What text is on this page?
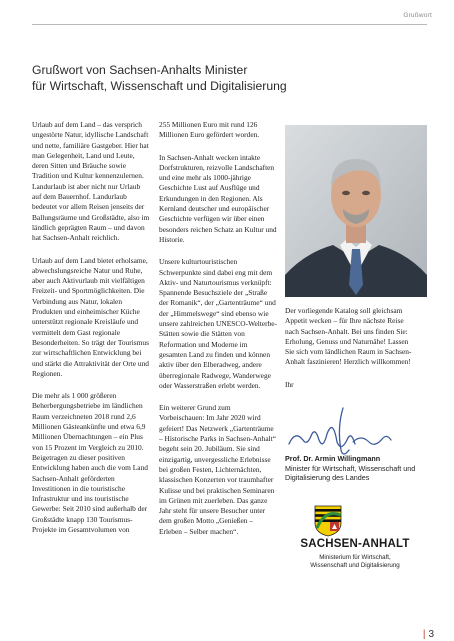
Grußwort
Grußwort von Sachsen-Anhalts Minister
für Wirtschaft, Wissenschaft und Digitalisierung

Urlaub auf dem Land – das versprich ungestörte Natur, idyllische Landschaft und nette, familiäre Gastgeber. Hier hat man Gelegenheit, Land und Leute, deren Sitten und Bräuche sowie Tradition und Kultur kennenzulernen. Landurlaub ist aber nicht nur Urlaub auf dem Bauernhof. Landurlaub bedeutet vor allem Reisen jenseits der Ballungsräume und Großstädte, also im ländlich geprägten Raum – und davon hat Sachsen-Anhalt reichlich.

Urlaub auf dem Land bietet erholsame, abwechslungsreiche Natur und Ruhe, aber auch Aktivurlaub mit vielfältigen Freizeit- und Sportmöglichkeiten. Die Verbindung aus Natur, lokalen Produkten und einheimischer Küche unterstützt regionale Kreisläufe und vermittelt dem Gast regionale Besonderheiten. So trägt der Tourismus zur wirtschaftlichen Entwicklung bei und stärkt die Attraktivität der Orte und Regionen.

Die mehr als 1 000 größeren Beherbergungsbetriebe im ländlichen Raum verzeichneten 2018 rund 2,6 Millionen Gästeankünfte und etwa 6,9 Millionen Übernachtungen – ein Plus von 15 Prozent im Vergleich zu 2010. Beigetragen zu dieser positiven Entwicklung haben auch die vom Land Sachsen-Anhalt geförderten Investitionen in die touristische Infrastruktur und ins touristische Gewerbe: Seit 2010 sind außerhalb der Großstädte knapp 130 Tourismus-Projekte im Gesamtvolumen von

255 Millionen Euro mit rund 126 Millionen Euro gefördert worden.

In Sachsen-Anhalt wecken intakte Dorfstrukturen, reizvolle Landschaften und eine mehr als 1000-jährige Geschichte Lust auf Ausflüge und Erkundungen in den Regionen. Als Kernland deutscher und europäischer Geschichte verfügen wir über einen besonders reichen Schatz an Kultur und Historie.

Unsere kulturtouristischen Schwerpunkte sind dabei eng mit dem Aktiv- und Naturtourismus verknüpft: Spannende Besuchsziele der „Straße der Romanik“, der „Gartenträume“ und der „Himmelswege“ sind ebenso wie unsere zahlreichen UNESCO-Welterbe-Stätten sowie die Stätten von Reformation und Moderne im gesamten Land zu finden und können aktiv über den Elberadweg, andere überregionale Radwege, Wanderwege oder Wasserstraßen erlebt werden.

Ein weiterer Grund zum Vorbeischauen: Im Jahr 2020 wird gefeiert! Das Netzwerk „Gartenträume – Historische Parks in Sachsen-Anhalt“ begeht sein 20. Jubiläum. Sie sind einzigartig, unvergessliche Erlebnisse bei großen Festen, Lichternächten, klassischen Konzerten vor traumhafter Kulisse und bei praktischen Seminaren im Grünen mit zuerleben. Das ganze Jahr steht für unsere Besucher unter dem großen Motto „Genießen – Erleben – Selber machen“.

Der vorliegende Katalog soll gleichsam Appetit wecken – für Ihre nächste Reise nach Sachsen-Anhalt. Bei uns finden Sie: Erholung, Genuss und Naturnähe! Lassen Sie sich vom ländlichen Raum in Sachsen-Anhalt faszinieren! Herzlich willkommen!

Ihr

Prof. Dr. Armin Willingmann
Minister für Wirtschaft, Wissenschaft und Digitalisierung des Landes
SACHSEN-ANHALT
Ministerium für Wirtschaft,
Wissenschaft und Digitalisierung
| 3
